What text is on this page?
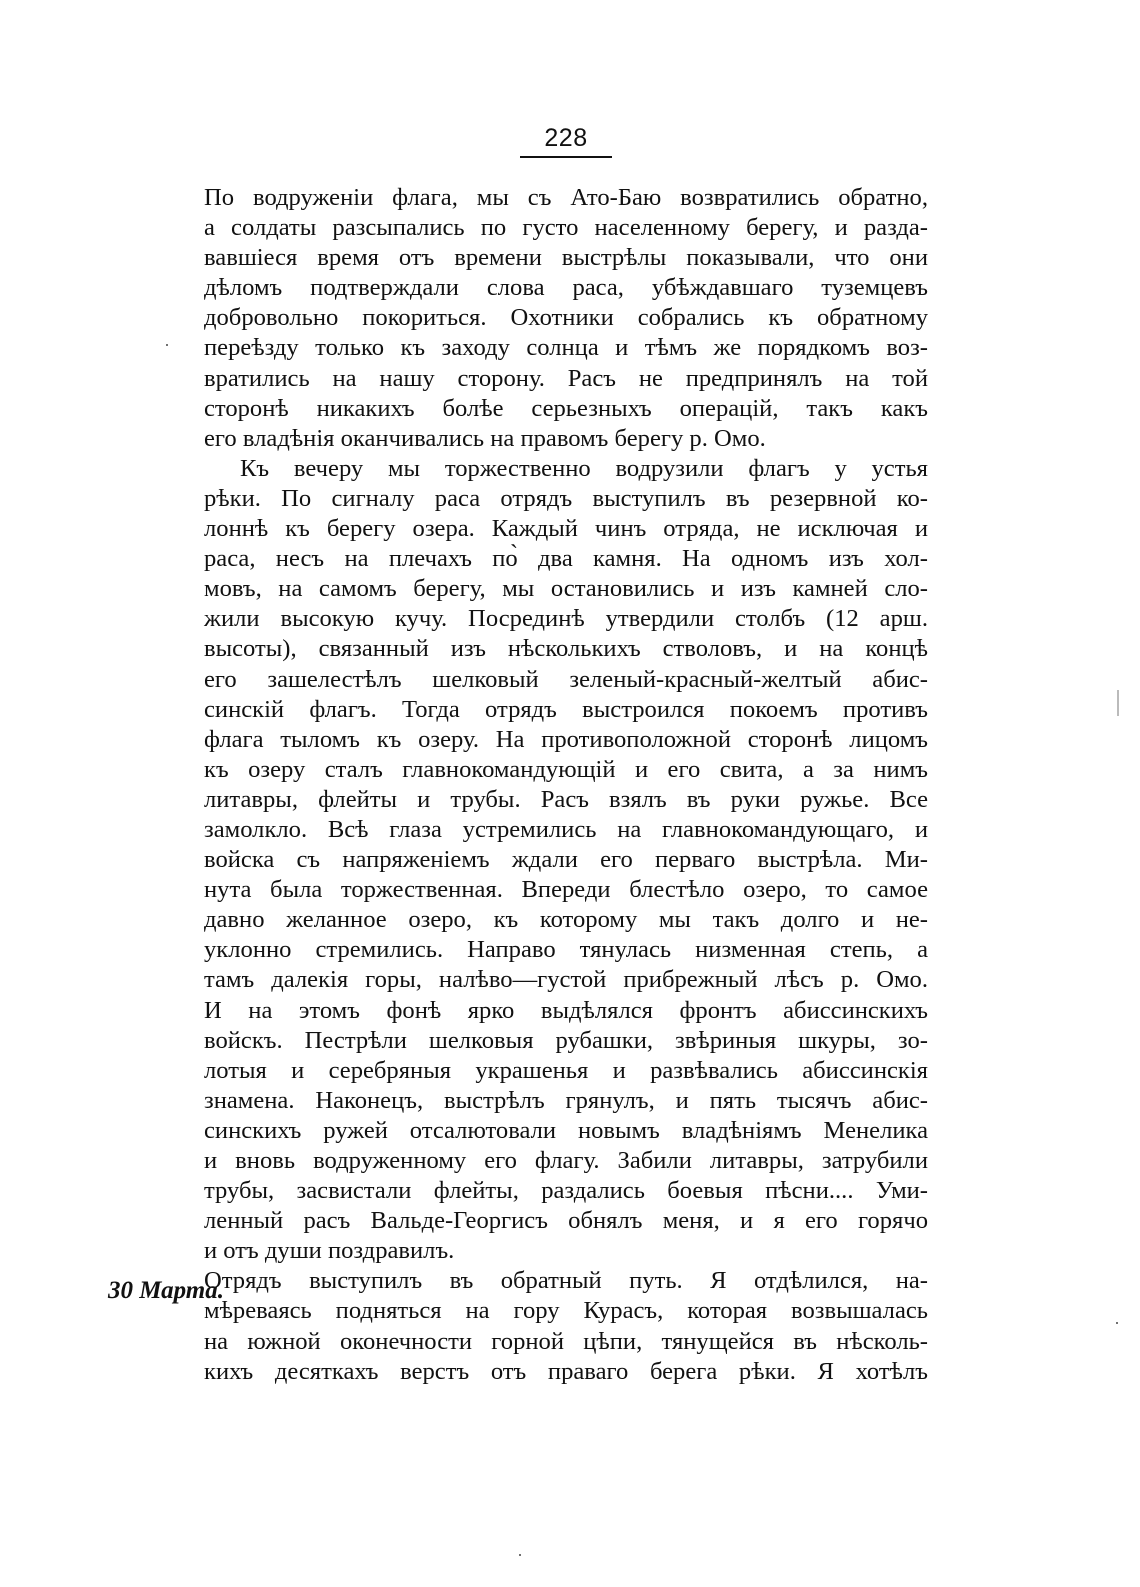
228
По водруженіи флага, мы съ Ато-Баю возвратились обратно,
а солдаты разсыпались по густо населенному берегу, и разда-
вавшіеся время отъ времени выстрѣлы показывали, что они
дѣломъ подтверждали слова раса, убѣждавшаго туземцевъ
добровольно покориться. Охотники собрались къ обратному
переѣзду только къ заходу солнца и тѣмъ же порядкомъ воз-
вратились на нашу сторону. Расъ не предпринялъ на той
сторонѣ никакихъ болѣе серьезныхъ операцій, такъ какъ
его владѣнія оканчивались на правомъ берегу р. Омо.
Къ вечеру мы торжественно водрузили флагъ у устья
рѣки. По сигналу раса отрядъ выступилъ въ резервной ко-
лоннѣ къ берегу озера. Каждый чинъ отряда, не исключая и
раса, несъ на плечахъ по̀ два камня. На одномъ изъ хол-
мовъ, на самомъ берегу, мы остановились и изъ камней сло-
жили высокую кучу. Посрединѣ утвердили столбъ (12 арш.
высоты), связанный изъ нѣсколькихъ стволовъ, и на концѣ
его зашелестѣлъ шелковый зеленый-красный-желтый абис-
синскій флагъ. Тогда отрядъ выстроился покоемъ противъ
флага тыломъ къ озеру. На противоположной сторонѣ лицомъ
къ озеру сталъ главнокомандующій и его свита, а за нимъ
литавры, флейты и трубы. Расъ взялъ въ руки ружье. Все
замолкло. Всѣ глаза устремились на главнокомандующаго, и
войска съ напряженіемъ ждали его перваго выстрѣла. Ми-
нута была торжественная. Впереди блестѣло озеро, то самое
давно желанное озеро, къ которому мы такъ долго и не-
уклонно стремились. Направо тянулась низменная степь, а
тамъ далекія горы, налѣво—густой прибрежный лѣсъ р. Омо.
И на этомъ фонѣ ярко выдѣлялся фронтъ абиссинскихъ
войскъ. Пестрѣли шелковыя рубашки, звѣриныя шкуры, зо-
лотыя и серебряныя украшенья и развѣвались абиссинскія
знамена. Наконецъ, выстрѣлъ грянулъ, и пять тысячъ абис-
синскихъ ружей отсалютовали новымъ владѣніямъ Менелика
и вновь водруженному его флагу. Забили литавры, затрубили
трубы, засвистали флейты, раздались боевыя пѣсни.... Уми-
ленный расъ Вальде-Георгисъ обнялъ меня, и я его горячо
и отъ души поздравилъ.
Отрядъ выступилъ въ обратный путь. Я отдѣлился, на-
мѣреваясь подняться на гору Курасъ, которая возвышалась
на южной оконечности горной цѣпи, тянущейся въ нѣсколь-
кихъ десяткахъ верстъ отъ праваго берега рѣки. Я хотѣлъ
30 Марта.
